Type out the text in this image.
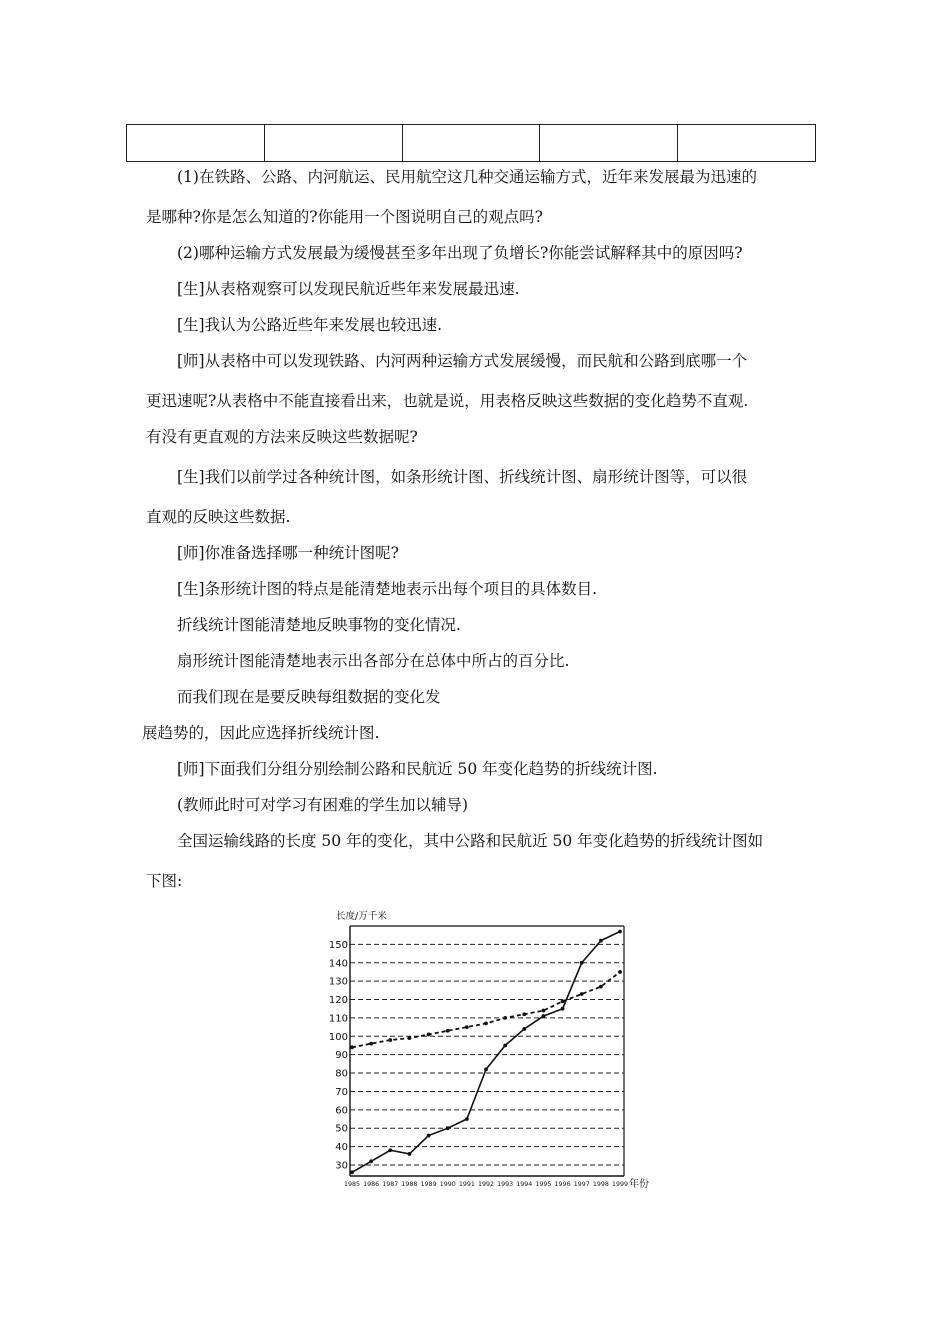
(1)在铁路、公路、内河航运、民用航空这几种交通运输方式，近年来发展最为迅速的
是哪种?你是怎么知道的?你能用一个图说明自己的观点吗?
(2)哪种运输方式发展最为缓慢甚至多年出现了负增长?你能尝试解释其中的原因吗?
[生]从表格观察可以发现民航近些年来发展最迅速.
[生]我认为公路近些年来发展也较迅速.
[师]从表格中可以发现铁路、内河两种运输方式发展缓慢，而民航和公路到底哪一个
更迅速呢?从表格中不能直接看出来，也就是说，用表格反映这些数据的变化趋势不直观.
有没有更直观的方法来反映这些数据呢?
[生]我们以前学过各种统计图，如条形统计图、折线统计图、扇形统计图等，可以很
直观的反映这些数据.
[师]你准备选择哪一种统计图呢?
[生]条形统计图的特点是能清楚地表示出每个项目的具体数目.
折线统计图能清楚地反映事物的变化情况.
扇形统计图能清楚地表示出各部分在总体中所占的百分比.
而我们现在是要反映每组数据的变化发
展趋势的，因此应选择折线统计图.
[师]下面我们分组分别绘制公路和民航近 50 年变化趋势的折线统计图.
(教师此时可对学习有困难的学生加以辅导)
全国运输线路的长度 50 年的变化，其中公路和民航近 50 年变化趋势的折线统计图如
下图:
长度/万千米
30
40
50
60
70
80
90
100
110
120
130
140
150
1985 1986 1987 1988 1989 1990 1991 1992 1993 1994 1995 1996 1997 1998 1999 年份
